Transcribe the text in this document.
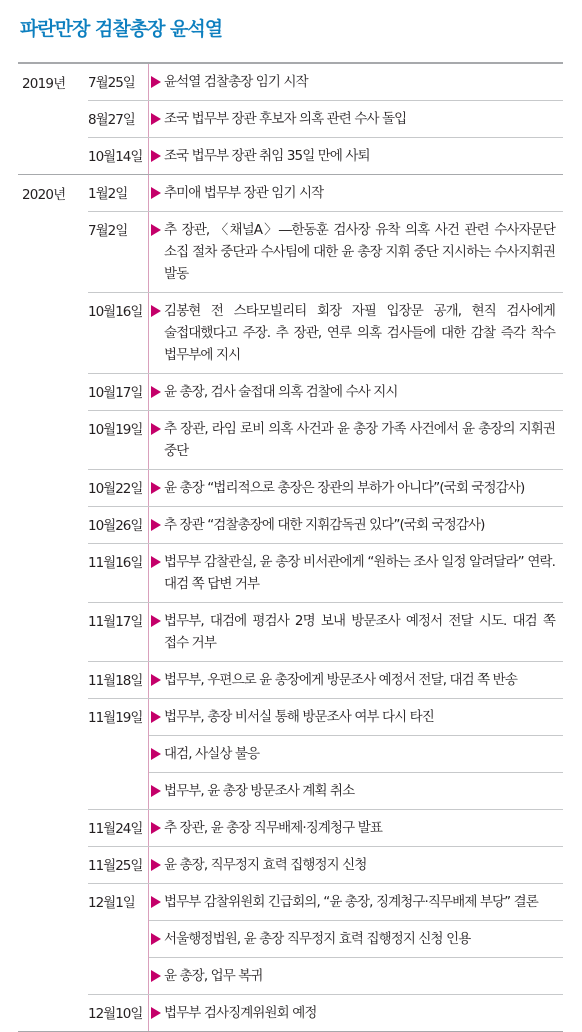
파란만장 검찰총장 윤석열
2019년	7월25일	윤석열 검찰총장 임기 시작
8월27일	조국 법무부 장관 후보자 의혹 관련 수사 돌입
10월14일	조국 법무부 장관 취임 35일 만에 사퇴
2020년	1월2일	추미애 법무부 장관 임기 시작
7월2일	추 장관, 〈채널A〉―한동훈 검사장 유착 의혹 사건 관련 수사자문단 소집 절차 중단과 수사팀에 대한 윤 총장 지휘 중단 지시하는 수사지휘권 발동
10월16일	김봉현 전 스타모빌리티 회장 자필 입장문 공개, 현직 검사에게 술접대했다고 주장. 추 장관, 연루 의혹 검사들에 대한 감찰 즉각 착수 법무부에 지시
10월17일	윤 총장, 검사 술접대 의혹 검찰에 수사 지시
10월19일	추 장관, 라임 로비 의혹 사건과 윤 총장 가족 사건에서 윤 총장의 지휘권 중단
10월22일	윤 총장 “법리적으로 총장은 장관의 부하가 아니다”(국회 국정감사)
10월26일	추 장관 “검찰총장에 대한 지휘감독권 있다”(국회 국정감사)
11월16일	법무부 감찰관실, 윤 총장 비서관에게 “원하는 조사 일정 알려달라” 연락. 대검 쪽 답변 거부
11월17일	법무부, 대검에 평검사 2명 보내 방문조사 예정서 전달 시도. 대검 쪽 접수 거부
11월18일	법무부, 우편으로 윤 총장에게 방문조사 예정서 전달, 대검 쪽 반송
11월19일	법무부, 총장 비서실 통해 방문조사 여부 다시 타진
대검, 사실상 불응
법무부, 윤 총장 방문조사 계획 취소
11월24일	추 장관, 윤 총장 직무배제·징계청구 발표
11월25일	윤 총장, 직무정지 효력 집행정지 신청
12월1일	법무부 감찰위원회 긴급회의, “윤 총장, 징계청구·직무배제 부당” 결론
서울행정법원, 윤 총장 직무정지 효력 집행정지 신청 인용
윤 총장, 업무 복귀
12월10일	법무부 검사징계위원회 예정
